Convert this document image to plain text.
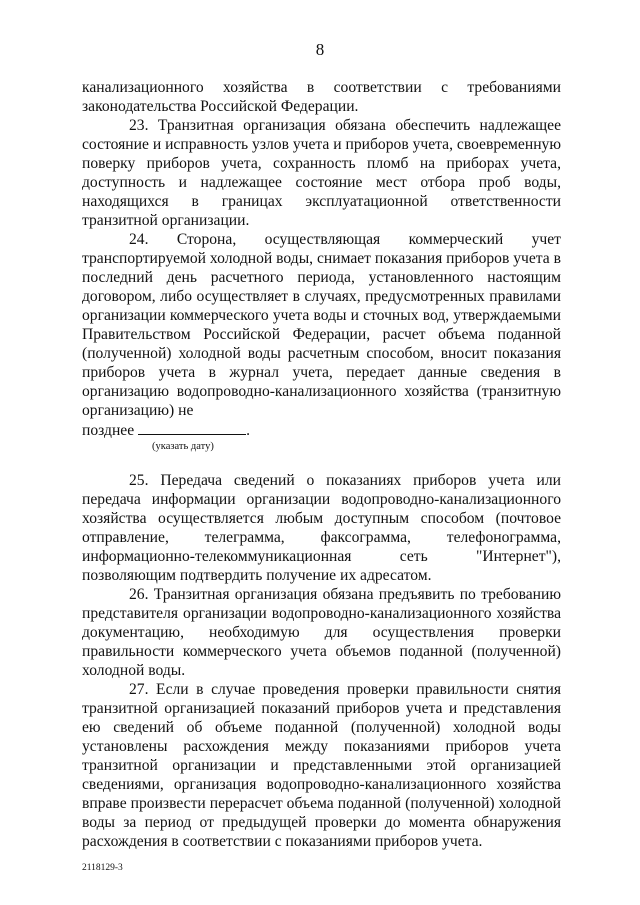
8

канализационного хозяйства в соответствии с требованиями законодательства Российской Федерации.

23. Транзитная организация обязана обеспечить надлежащее состояние и исправность узлов учета и приборов учета, своевременную поверку приборов учета, сохранность пломб на приборах учета, доступность и надлежащее состояние мест отбора проб воды, находящихся в границах эксплуатационной ответственности транзитной организации.

24. Сторона, осуществляющая коммерческий учет транспортируемой холодной воды, снимает показания приборов учета в последний день расчетного периода, установленного настоящим договором, либо осуществляет в случаях, предусмотренных правилами организации коммерческого учета воды и сточных вод, утверждаемыми Правительством Российской Федерации, расчет объема поданной (полученной) холодной воды расчетным способом, вносит показания приборов учета в журнал учета, передает данные сведения в организацию водопроводно-канализационного хозяйства (транзитную организацию) не

позднее	.
(указать дату)

25. Передача сведений о показаниях приборов учета или передача информации организации водопроводно-канализационного хозяйства осуществляется любым доступным способом (почтовое отправление, телеграмма, факсограмма, телефонограмма, информационно-телекоммуникационная сеть "Интернет"), позволяющим подтвердить получение их адресатом.

26. Транзитная организация обязана предъявить по требованию представителя организации водопроводно-канализационного хозяйства документацию, необходимую для осуществления проверки правильности коммерческого учета объемов поданной (полученной) холодной воды.

27. Если в случае проведения проверки правильности снятия транзитной организацией показаний приборов учета и представления ею сведений об объеме поданной (полученной) холодной воды установлены расхождения между показаниями приборов учета транзитной организации и представленными этой организацией сведениями, организация водопроводно-канализационного хозяйства вправе произвести перерасчет объема поданной (полученной) холодной воды за период от предыдущей проверки до момента обнаружения расхождения в соответствии с показаниями приборов учета.

2118129-3
